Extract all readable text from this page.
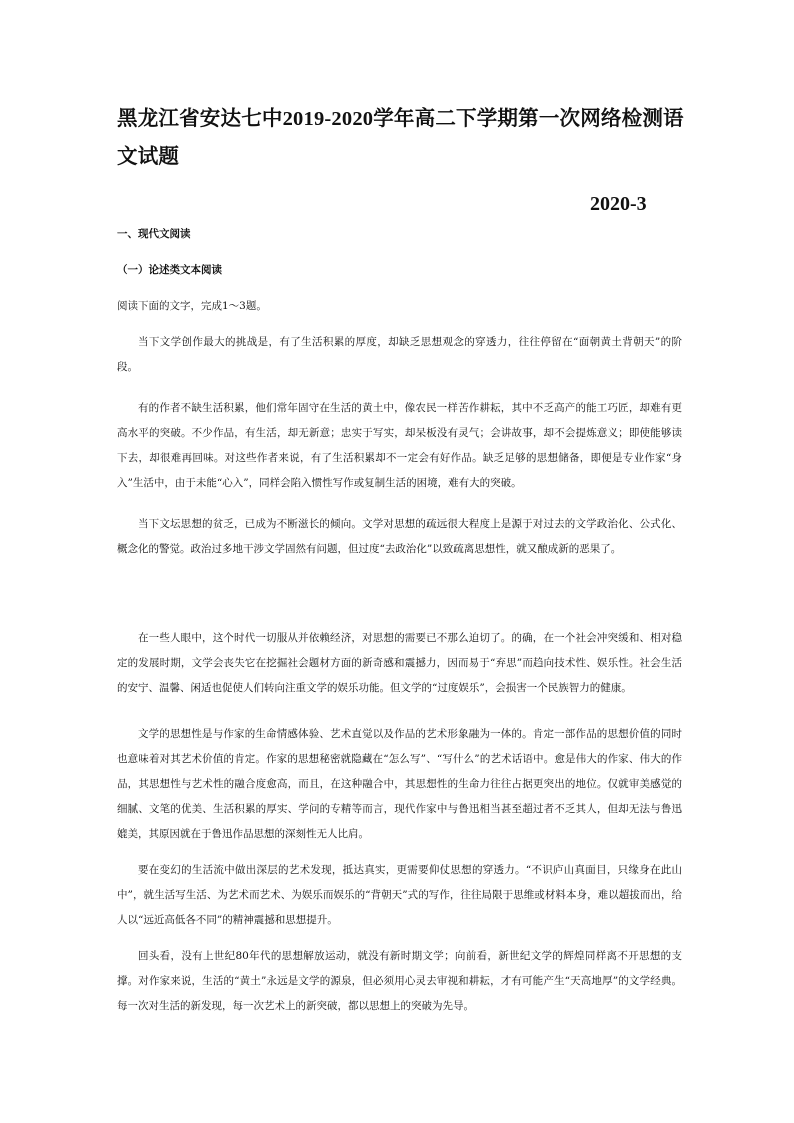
黑龙江省安达七中2019-2020学年高二下学期第一次网络检测语文试题
2020-3
一、现代文阅读
（一）论述类文本阅读
阅读下面的文字，完成1～3题。

当下文学创作最大的挑战是，有了生活积累的厚度，却缺乏思想观念的穿透力，往往停留在“面朝黄土背朝天”的阶段。

有的作者不缺生活积累，他们常年固守在生活的黄土中，像农民一样苦作耕耘，其中不乏高产的能工巧匠，却难有更高水平的突破。不少作品，有生活，却无新意；忠实于写实，却呆板没有灵气；会讲故事，却不会提炼意义；即使能够读下去，却很难再回味。对这些作者来说，有了生活积累却不一定会有好作品。缺乏足够的思想储备，即便是专业作家“身入”生活中，由于未能“心入”，同样会陷入惯性写作或复制生活的困境，难有大的突破。

当下文坛思想的贫乏，已成为不断滋长的倾向。文学对思想的疏远很大程度上是源于对过去的文学政治化、公式化、概念化的警觉。政治过多地干涉文学固然有问题，但过度“去政治化”以致疏离思想性，就又酿成新的恶果了。

在一些人眼中，这个时代一切服从并依赖经济，对思想的需要已不那么迫切了。的确，在一个社会冲突缓和、相对稳定的发展时期，文学会丧失它在挖掘社会题材方面的新奇感和震撼力，因而易于“弃思”而趋向技术性、娱乐性。社会生活的安宁、温馨、闲适也促使人们转向注重文学的娱乐功能。但文学的“过度娱乐”，会损害一个民族智力的健康。

文学的思想性是与作家的生命情感体验、艺术直觉以及作品的艺术形象融为一体的。肯定一部作品的思想价值的同时也意味着对其艺术价值的肯定。作家的思想秘密就隐藏在“怎么写”、“写什么”的艺术话语中。愈是伟大的作家、伟大的作品，其思想性与艺术性的融合度愈高，而且，在这种融合中，其思想性的生命力往往占据更突出的地位。仅就审美感觉的细腻、文笔的优美、生活积累的厚实、学问的专精等而言，现代作家中与鲁迅相当甚至超过者不乏其人，但却无法与鲁迅媲美，其原因就在于鲁迅作品思想的深刻性无人比肩。

要在变幻的生活流中做出深层的艺术发现，抵达真实，更需要仰仗思想的穿透力。“不识庐山真面目，只缘身在此山中”，就生活写生活、为艺术而艺术、为娱乐而娱乐的“背朝天”式的写作，往往局限于思维或材料本身，难以超拔而出，给人以“远近高低各不同”的精神震撼和思想提升。

回头看，没有上世纪80年代的思想解放运动，就没有新时期文学；向前看，新世纪文学的辉煌同样离不开思想的支撑。对作家来说，生活的“黄土”永远是文学的源泉，但必须用心灵去审视和耕耘，才有可能产生“天高地厚”的文学经典。每一次对生活的新发现，每一次艺术上的新突破，都以思想上的突破为先导。
